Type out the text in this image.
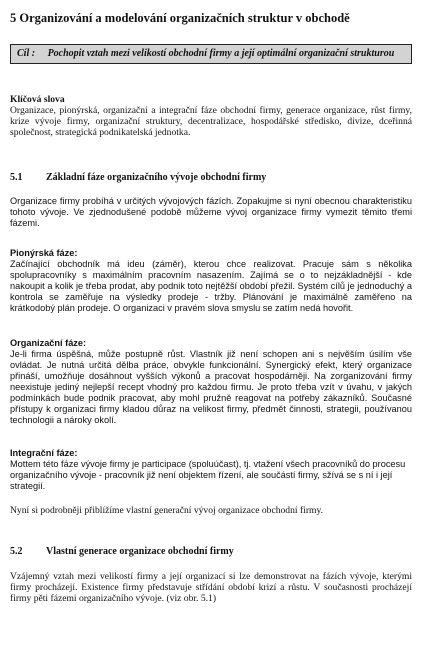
5 Organizování a modelování organizačních struktur v obchodě
Cíl : Pochopit vztah mezi velikostí obchodní firmy a její optimální organizační strukturou

Klíčová slova

Organizace, pionýrská, organizační a integrační fáze obchodní firmy, generace organizace, růst firmy, krize vývoje firmy, organizační struktury, decentralizace, hospodářské středisko, divize, dceřinná společnost, strategická podnikatelská jednotka.

5.1 Základní fáze organizačního vývoje obchodní firmy

Organizace firmy probíhá v určitých vývojových fázích. Zopakujme si nyní obecnou charakteristiku tohoto vývoje. Ve zjednodušené podobě můžeme vývoj organizace firmy vymezit těmito třemi fázemi.

Pionýrská fáze:

Začínající obchodník má ideu (záměr), kterou chce realizovat. Pracuje sám s několika spolupracovníky s maximálním pracovním nasazením. Zajímá se o to nejzákladnější - kde nakoupit a kolik je třeba prodat, aby podnik toto nejtěžší období přežil. Systém cílů je jednoduchý a kontrola se zaměřuje na výsledky prodeje - tržby. Plánování je maximálně zaměřeno na krátkodobý plán prodeje. O organizaci v pravém slova smyslu se zatím nedá hovořit.

Organizační fáze:

Je-li firma úspěšná, může postupně růst. Vlastník již není schopen ani s nejvěším úsilím vše ovládat. Je nutná určitá dělba práce, obvykle funkcionální. Synergický efekt, který organizace přináší, umožňuje dosáhnout vyšších výkonů a pracovat hospodárněji. Na zorganizování firmy neexistuje jediný nejlepší recept vhodný pro každou firmu. Je proto třeba vzít v úvahu, v jakých podmínkách bude podnik pracovat, aby mohl pružně reagovat na potřeby zákazníků. Současné přístupy k organizaci firmy kladou důraz na velikost firmy, předmět činnosti, strategii, používanou technologii a nároky okolí.

Integrační fáze:

Mottem této fáze vývoje firmy je participace (spoluúčast), tj. vtažení všech pracovníků do procesu organizačního vývoje - pracovník již není objektem řízení, ale součástí firmy, sžívá se s ní i její strategií.

Nyní si podrobněji přiblížíme vlastní generační vývoj organizace obchodní firmy.

5.2 Vlastní generace organizace obchodní firmy

Vzájemný vztah mezi velikostí firmy a její organizací si lze demonstrovat na fázích vývoje, kterými firmy procházejí. Existence firmy představuje střídání období krizí a růstu. V současnosti procházejí firmy pěti fázemi organizačního vývoje. (viz obr. 5.1)
